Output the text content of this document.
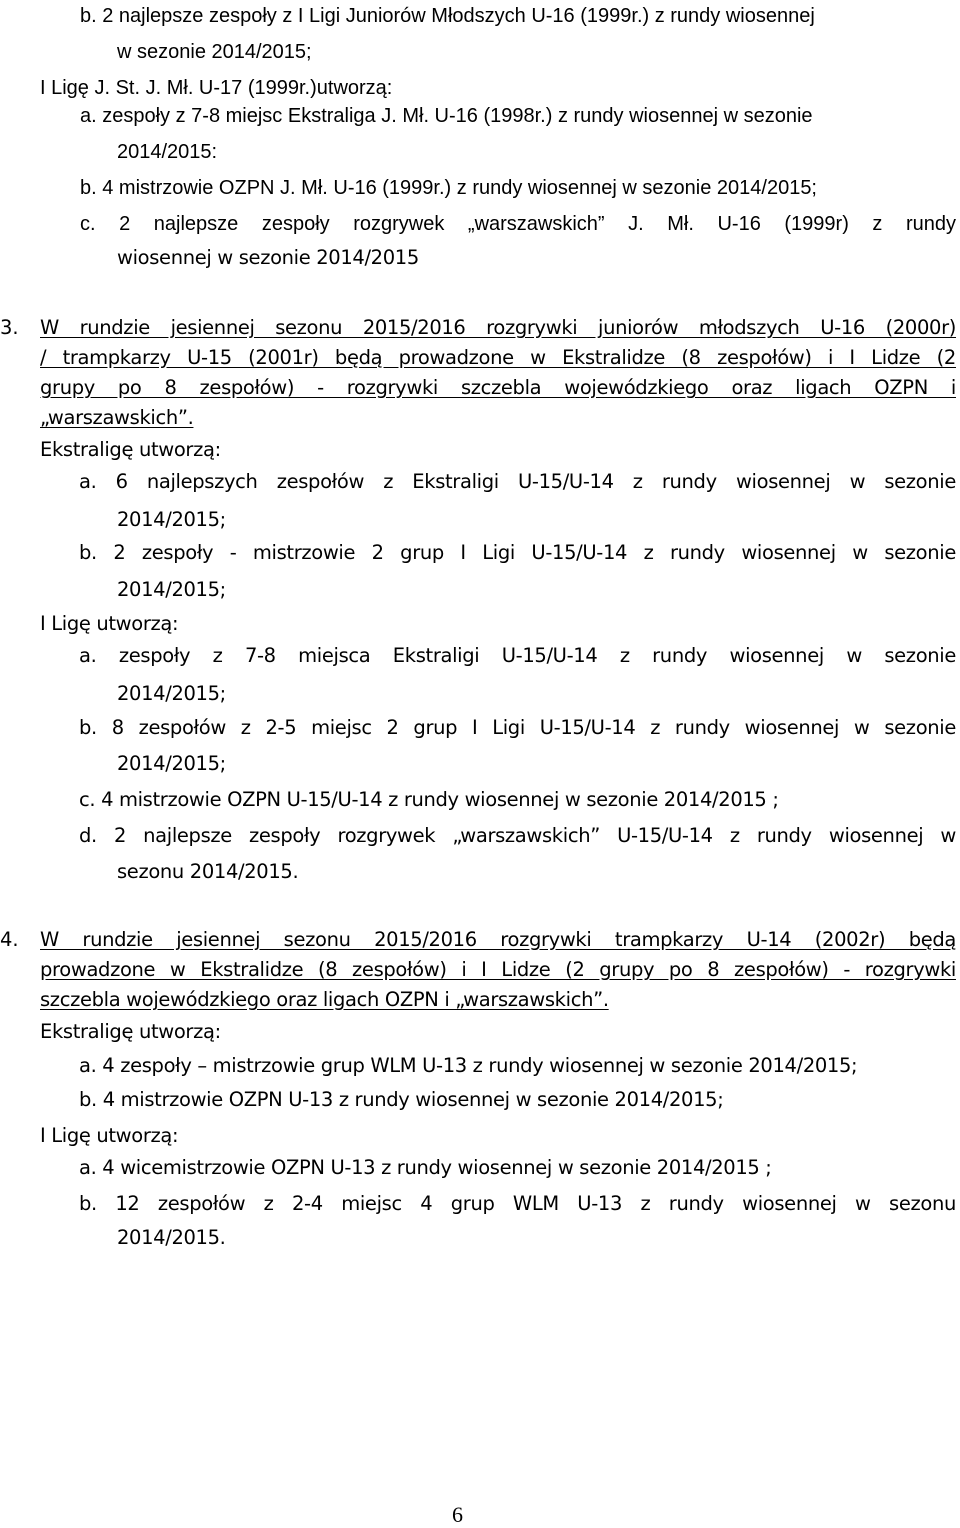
b. 2 najlepsze zespoły z I Ligi Juniorów Młodszych U-16 (1999r.) z rundy wiosennej
w sezonie 2014/2015;
I Ligę J. St. J. Mł. U-17 (1999r.)utworzą:
a. zespoły z 7-8 miejsc Ekstraliga J. Mł. U-16 (1998r.) z rundy wiosennej w sezonie
2014/2015:
b. 4 mistrzowie OZPN J. Mł. U-16 (1999r.) z rundy wiosennej w sezonie 2014/2015;
c. 2 najlepsze zespoły rozgrywek „warszawskich” J. Mł. U-16 (1999r) z rundy
wiosennej w sezonie 2014/2015
3. W rundzie jesiennej sezonu 2015/2016 rozgrywki juniorów młodszych U-16 (2000r)
/ trampkarzy U-15 (2001r) będą prowadzone w Ekstralidze (8 zespołów) i I Lidze (2
grupy po 8 zespołów) - rozgrywki szczebla wojewódzkiego oraz ligach OZPN i
„warszawskich”.
Ekstraligę utworzą:
a. 6 najlepszych zespołów z Ekstraligi U-15/U-14 z rundy wiosennej w sezonie
2014/2015;
b. 2 zespoły - mistrzowie 2 grup I Ligi U-15/U-14 z rundy wiosennej w sezonie
2014/2015;
I Ligę utworzą:
a. zespoły z 7-8 miejsca Ekstraligi U-15/U-14 z rundy wiosennej w sezonie
2014/2015;
b. 8 zespołów z 2-5 miejsc 2 grup I Ligi U-15/U-14 z rundy wiosennej w sezonie
2014/2015;
c. 4 mistrzowie OZPN U-15/U-14 z rundy wiosennej w sezonie 2014/2015 ;
d. 2 najlepsze zespoły rozgrywek „warszawskich” U-15/U-14 z rundy wiosennej w
sezonu 2014/2015.
4. W rundzie jesiennej sezonu 2015/2016 rozgrywki trampkarzy U-14 (2002r) będą
prowadzone w Ekstralidze (8 zespołów) i I Lidze (2 grupy po 8 zespołów) - rozgrywki
szczebla wojewódzkiego oraz ligach OZPN i „warszawskich”.
Ekstraligę utworzą:
a. 4 zespoły – mistrzowie grup WLM U-13 z rundy wiosennej w sezonie 2014/2015;
b. 4 mistrzowie OZPN U-13 z rundy wiosennej w sezonie 2014/2015;
I Ligę utworzą:
a. 4 wicemistrzowie OZPN U-13 z rundy wiosennej w sezonie 2014/2015 ;
b. 12 zespołów z 2-4 miejsc 4 grup WLM U-13 z rundy wiosennej w sezonu
2014/2015.
6
